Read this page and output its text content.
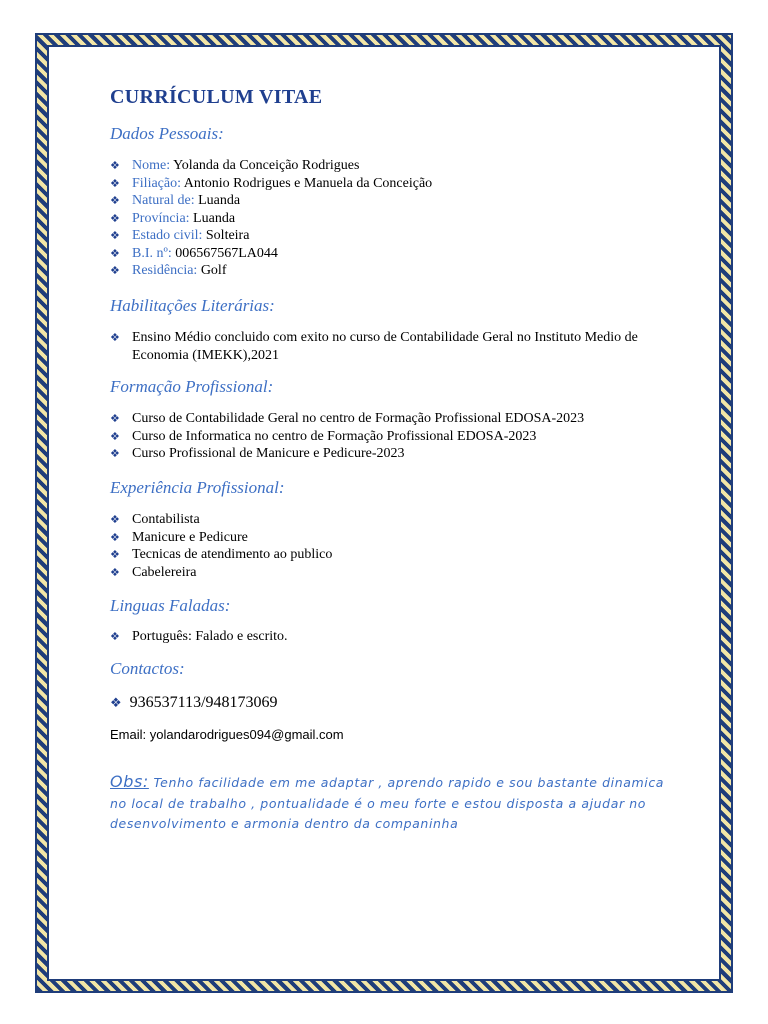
CURRÍCULUM VITAE
Dados Pessoais:
❖ Nome: Yolanda da Conceição Rodrigues
❖ Filiação: Antonio Rodrigues e Manuela da Conceição
❖ Natural de: Luanda
❖ Província: Luanda
❖ Estado civil: Solteira
❖ B.I. nº: 006567567LA044
❖ Residência: Golf
Habilitações Literárias:
❖ Ensino Médio concluido com exito no curso de Contabilidade Geral no Instituto Medio de Economia (IMEKK),2021
Formação Profissional:
❖ Curso de Contabilidade Geral no centro de Formação Profissional EDOSA-2023
❖ Curso de Informatica no centro de Formação Profissional EDOSA-2023
❖ Curso Profissional de Manicure e Pedicure-2023
Experiência Profissional:
❖ Contabilista
❖ Manicure e Pedicure
❖ Tecnicas de atendimento ao publico
❖ Cabelereira
Linguas Faladas:
❖ Português: Falado e escrito.
Contactos:
❖ 936537113/948173069
Email: yolandarodrigues094@gmail.com
Obs: Tenho facilidade em me adaptar , aprendo rapido e sou bastante dinamica no local de trabalho , pontualidade é o meu forte e estou disposta a ajudar no desenvolvimento e armonia dentro da companinha
